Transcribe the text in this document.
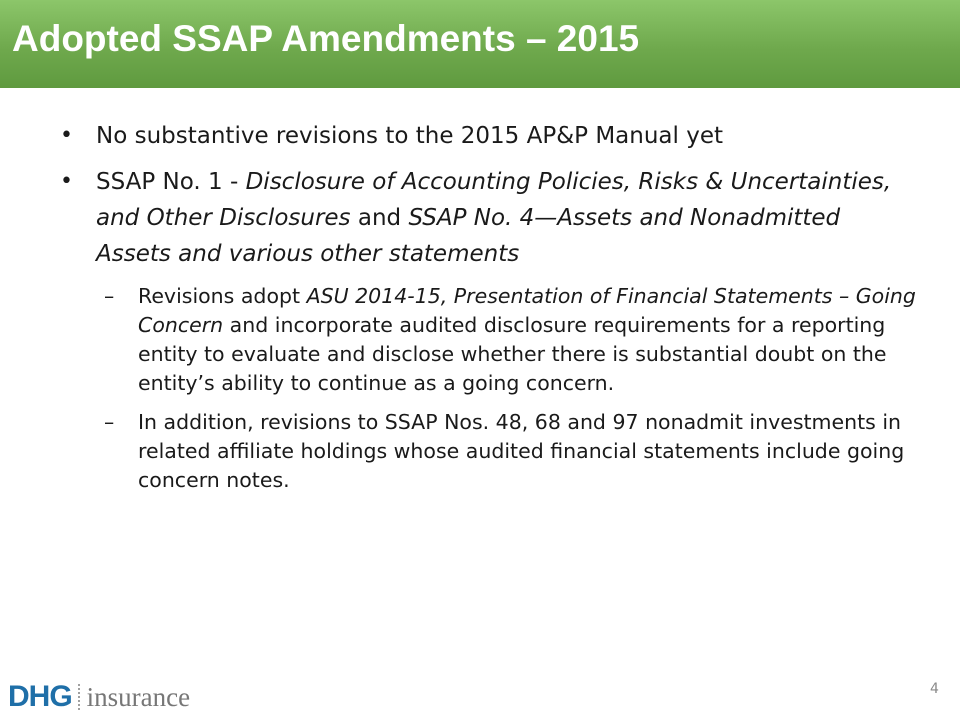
Adopted SSAP Amendments – 2015
• No substantive revisions to the 2015 AP&P Manual yet
• SSAP No. 1 - Disclosure of Accounting Policies, Risks & Uncertainties, and Other Disclosures and SSAP No. 4—Assets and Nonadmitted Assets and various other statements
– Revisions adopt ASU 2014-15, Presentation of Financial Statements – Going Concern and incorporate audited disclosure requirements for a reporting entity to evaluate and disclose whether there is substantial doubt on the entity’s ability to continue as a going concern.
– In addition, revisions to SSAP Nos. 48, 68 and 97 nonadmit investments in related affiliate holdings whose audited financial statements include going concern notes.
DHG insurance	4
